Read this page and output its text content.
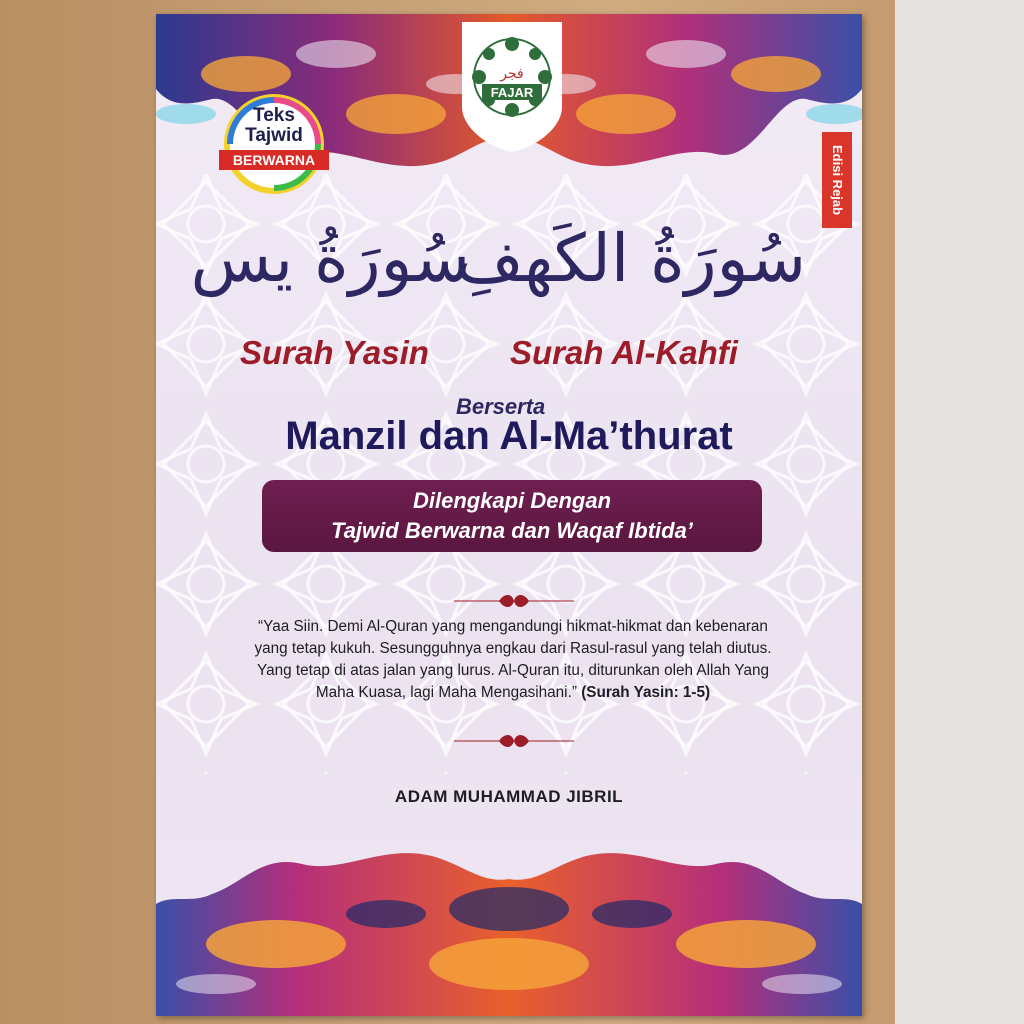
FAJAR
فجر
Teks
Tajwid
BERWARNA	Edisi Rejab
سُورَةُ يس
سُورَةُ الكَهفِ
Surah Yasin Surah Al-Kahfi
Berserta
Manzil dan Al-Ma’thurat
Dilengkapi Dengan
Tajwid Berwarna dan Waqaf Ibtida’
“Yaa Siin. Demi Al-Quran yang mengandungi hikmat-hikmat dan kebenaran yang tetap kukuh. Sesungguhnya engkau dari Rasul-rasul yang telah diutus. Yang tetap di atas jalan yang lurus. Al-Quran itu, diturunkan oleh Allah Yang Maha Kuasa, lagi Maha Mengasihani.” (Surah Yasin: 1-5)
ADAM MUHAMMAD JIBRIL
